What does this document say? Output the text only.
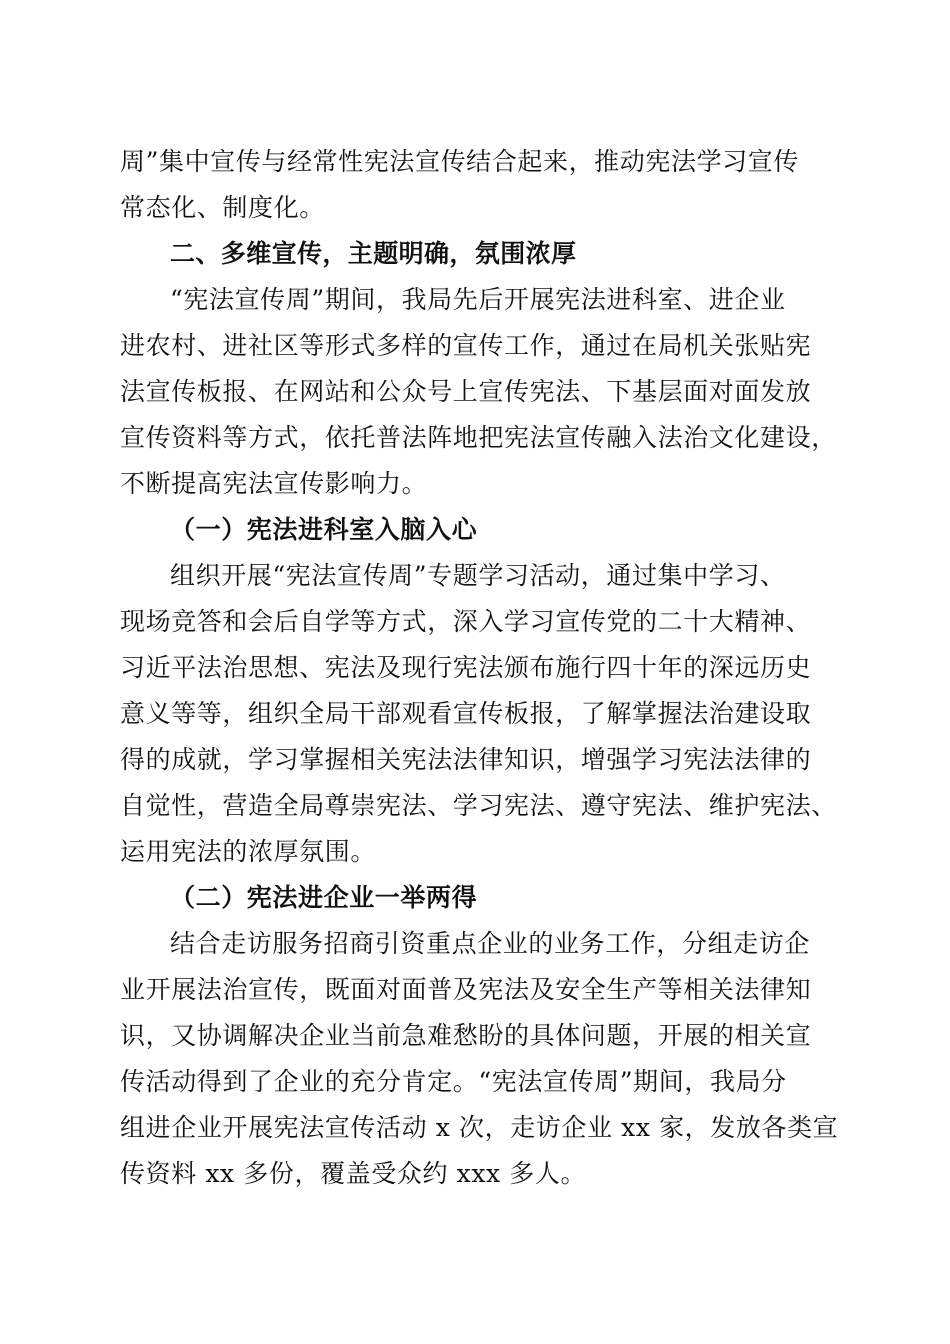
周”集中宣传与经常性宪法宣传结合起来，推动宪法学习宣传
常态化、制度化。
二、多维宣传，主题明确，氛围浓厚
“宪法宣传周”期间，我局先后开展宪法进科室、进企业
进农村、进社区等形式多样的宣传工作，通过在局机关张贴宪
法宣传板报、在网站和公众号上宣传宪法、下基层面对面发放
宣传资料等方式，依托普法阵地把宪法宣传融入法治文化建设，
不断提高宪法宣传影响力。
（一）宪法进科室入脑入心
组织开展“宪法宣传周”专题学习活动，通过集中学习、
现场竞答和会后自学等方式，深入学习宣传党的二十大精神、
习近平法治思想、宪法及现行宪法颁布施行四十年的深远历史
意义等等，组织全局干部观看宣传板报，了解掌握法治建设取
得的成就，学习掌握相关宪法法律知识，增强学习宪法法律的
自觉性，营造全局尊崇宪法、学习宪法、遵守宪法、维护宪法、
运用宪法的浓厚氛围。
（二）宪法进企业一举两得
结合走访服务招商引资重点企业的业务工作，分组走访企
业开展法治宣传，既面对面普及宪法及安全生产等相关法律知
识，又协调解决企业当前急难愁盼的具体问题，开展的相关宣
传活动得到了企业的充分肯定。“宪法宣传周”期间，我局分
组进企业开展宪法宣传活动 x 次，走访企业 xx 家，发放各类宣
传资料 xx 多份，覆盖受众约 xxx 多人。
